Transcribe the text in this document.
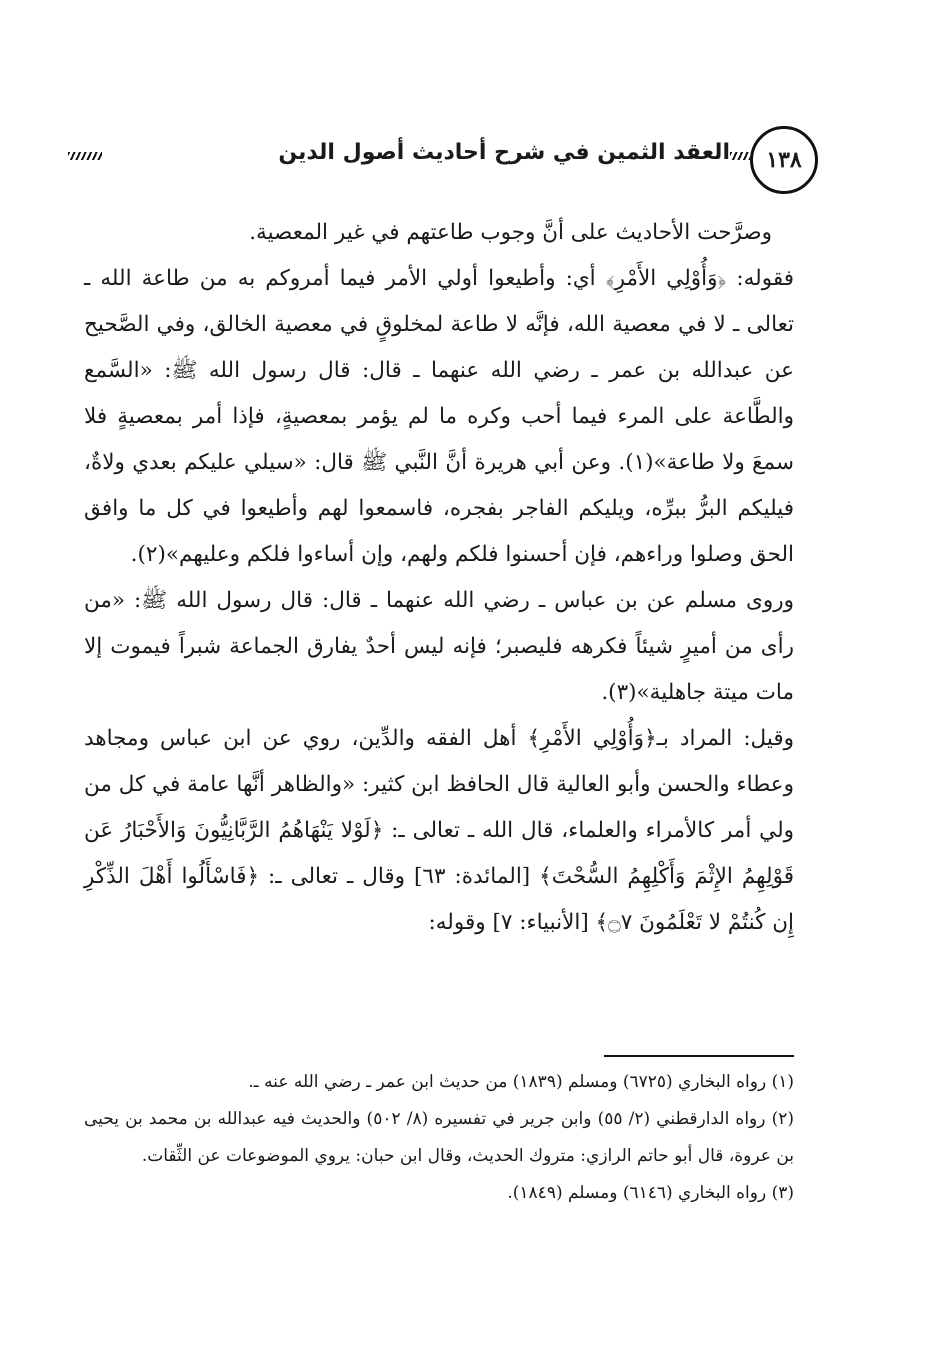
١٣٨
العقد الثمين في شرح أحاديث أصول الدين

وصرَّحت الأحاديث على أنَّ وجوب طاعتهم في غير المعصية.

فقوله: ﴿وَأُوْلِي الأَمْرِ﴾ أي: وأطيعوا أولي الأمر فيما أمروكم به من طاعة الله ـ تعالى ـ لا في معصية الله، فإنَّه لا طاعة لمخلوقٍ في معصية الخالق، وفي الصَّحيح عن عبدالله بن عمر ـ رضي الله عنهما ـ قال: قال رسول الله ﷺ: «السَّمع والطَّاعة على المرء فيما أحب وكره ما لم يؤمر بمعصيةٍ، فإذا أمر بمعصيةٍ فلا سمعَ ولا طاعة»(١). وعن أبي هريرة أنَّ النَّبي ﷺ قال: «سيلي عليكم بعدي ولاةٌ، فيليكم البرُّ ببرِّه، ويليكم الفاجر بفجره، فاسمعوا لهم وأطيعوا في كل ما وافق الحق وصلوا وراءهم، فإن أحسنوا فلكم ولهم، وإن أساءوا فلكم وعليهم»(٢).

وروى مسلم عن بن عباس ـ رضي الله عنهما ـ قال: قال رسول الله ﷺ: «من رأى من أميرٍ شيئاً فكرهه فليصبر؛ فإنه ليس أحدٌ يفارق الجماعة شبراً فيموت إلا مات ميتة جاهلية»(٣).

وقيل: المراد بـ﴿وَأُوْلِي الأَمْرِ﴾ أهل الفقه والدِّين، روي عن ابن عباس ومجاهد وعطاء والحسن وأبو العالية قال الحافظ ابن كثير: «والظاهر أنَّها عامة في كل من ولي أمر كالأمراء والعلماء، قال الله ـ تعالى ـ: ﴿لَوْلا يَنْهَاهُمُ الرَّبَّانِيُّونَ وَالأَحْبَارُ عَن قَوْلِهِمُ الإِثْمَ وَأَكْلِهِمُ السُّحْتَ﴾ [المائدة: ٦٣] وقال ـ تعالى ـ: ﴿فَاسْأَلُوا أَهْلَ الذِّكْرِ إِن كُنتُمْ لا تَعْلَمُونَ ۝٧﴾ [الأنبياء: ٧] وقوله:

(١) رواه البخاري (٦٧٢٥) ومسلم (١٨٣٩) من حديث ابن عمر ـ رضي الله عنه ـ.

(٢) رواه الدارقطني (٢/ ٥٥) وابن جرير في تفسيره (٨/ ٥٠٢) والحديث فيه عبدالله بن محمد بن يحيى بن عروة، قال أبو حاتم الرازي: متروك الحديث، وقال ابن حبان: يروي الموضوعات عن الثِّقات.

(٣) رواه البخاري (٦١٤٦) ومسلم (١٨٤٩).
